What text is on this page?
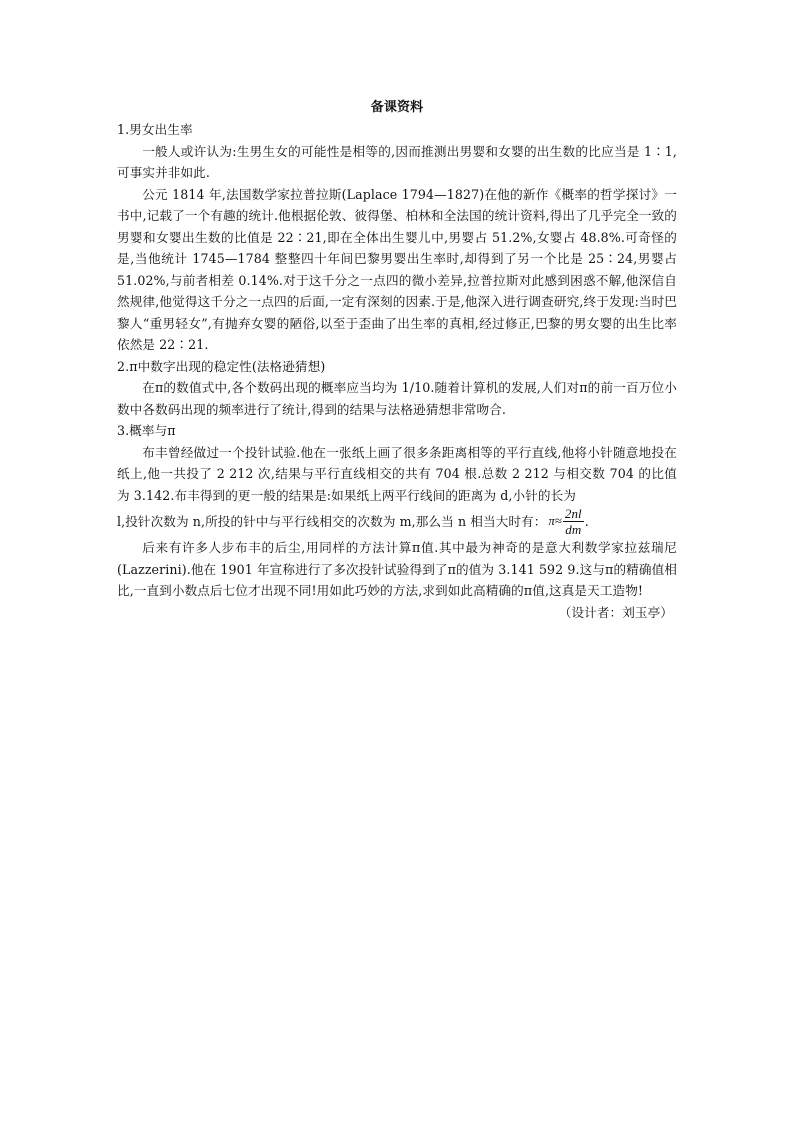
备课资料
1.男女出生率

一般人或许认为:生男生女的可能性是相等的,因而推测出男婴和女婴的出生数的比应当是 1∶1,可事实并非如此.

公元 1814 年,法国数学家拉普拉斯(Laplace 1794—1827)在他的新作《概率的哲学探讨》一书中,记载了一个有趣的统计.他根据伦敦、彼得堡、柏林和全法国的统计资料,得出了几乎完全一致的男婴和女婴出生数的比值是 22∶21,即在全体出生婴儿中,男婴占 51.2%,女婴占 48.8%.可奇怪的是,当他统计 1745—1784 整整四十年间巴黎男婴出生率时,却得到了另一个比是 25∶24,男婴占 51.02%,与前者相差 0.14%.对于这千分之一点四的微小差异,拉普拉斯对此感到困惑不解,他深信自然规律,他觉得这千分之一点四的后面,一定有深刻的因素.于是,他深入进行调查研究,终于发现:当时巴黎人“重男轻女”,有抛弃女婴的陋俗,以至于歪曲了出生率的真相,经过修正,巴黎的男女婴的出生比率依然是 22∶21.

2.π中数字出现的稳定性(法格逊猜想)

在π的数值式中,各个数码出现的概率应当均为 1/10.随着计算机的发展,人们对π的前一百万位小数中各数码出现的频率进行了统计,得到的结果与法格逊猜想非常吻合.

3.概率与π

布丰曾经做过一个投针试验.他在一张纸上画了很多条距离相等的平行直线,他将小针随意地投在纸上,他一共投了 2 212 次,结果与平行直线相交的共有 704 根.总数 2 212 与相交数 704 的比值为 3.142.布丰得到的更一般的结果是:如果纸上两平行线间的距离为 d,小针的长为

l,投针次数为 n,所投的针中与平行线相交的次数为 m,那么当 n 相当大时有： $\pi\approx \frac{2nl}{dm}$ .

后来有许多人步布丰的后尘,用同样的方法计算π值.其中最为神奇的是意大利数学家拉兹瑞尼(Lazzerini).他在 1901 年宣称进行了多次投针试验得到了π的值为 3.141 592 9.这与π的精确值相比,一直到小数点后七位才出现不同!用如此巧妙的方法,求到如此高精确的π值,这真是天工造物!

（设计者：刘玉亭）
